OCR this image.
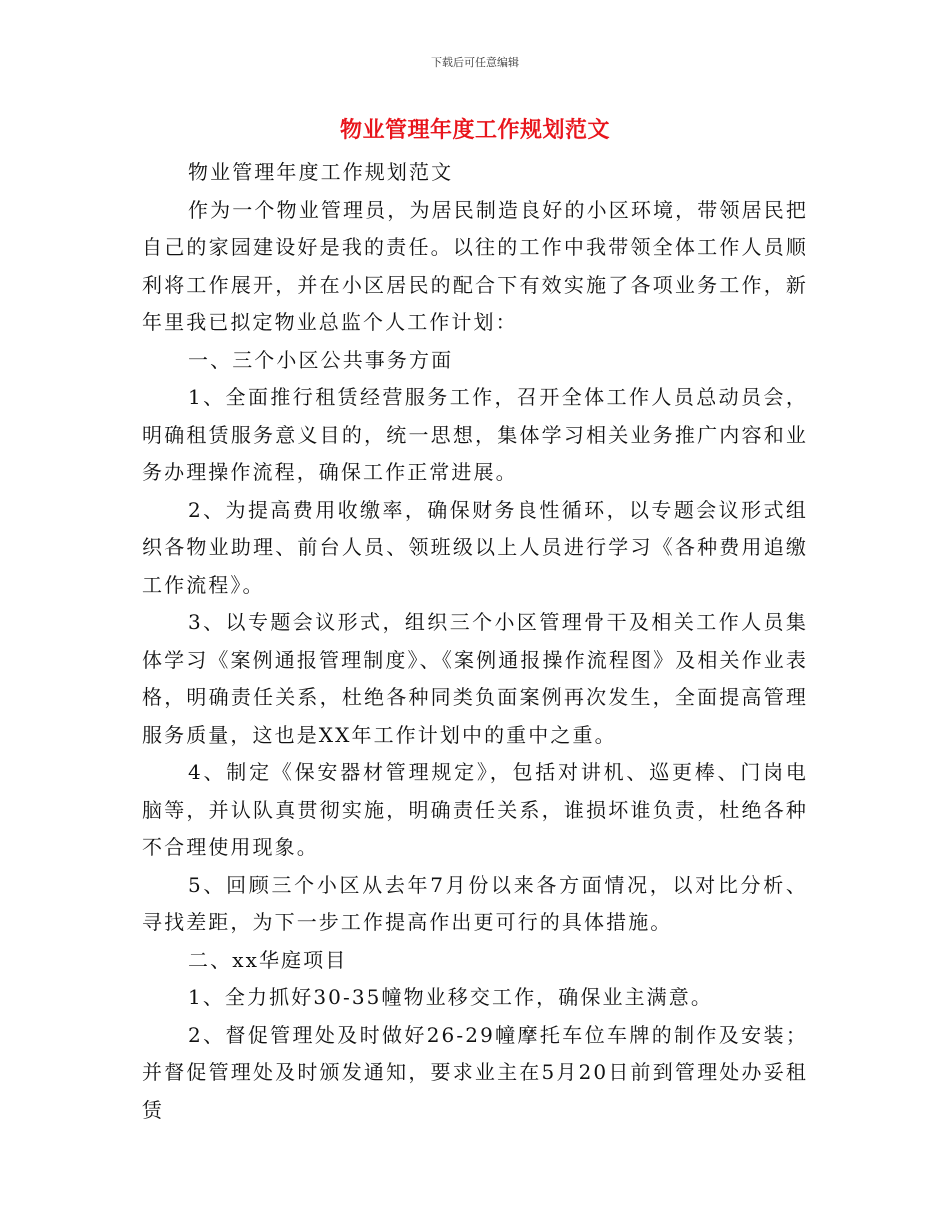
下载后可任意编辑
物业管理年度工作规划范文

物业管理年度工作规划范文

作为一个物业管理员，为居民制造良好的小区环境，带领居民把自己的家园建设好是我的责任。以往的工作中我带领全体工作人员顺利将工作展开，并在小区居民的配合下有效实施了各项业务工作，新年里我已拟定物业总监个人工作计划：

一、三个小区公共事务方面

1、全面推行租赁经营服务工作，召开全体工作人员总动员会，明确租赁服务意义目的，统一思想，集体学习相关业务推广内容和业务办理操作流程，确保工作正常进展。

2、为提高费用收缴率，确保财务良性循环，以专题会议形式组织各物业助理、前台人员、领班级以上人员进行学习《各种费用追缴工作流程》。

3、以专题会议形式，组织三个小区管理骨干及相关工作人员集体学习《案例通报管理制度》、《案例通报操作流程图》及相关作业表格，明确责任关系，杜绝各种同类负面案例再次发生，全面提高管理服务质量，这也是XX年工作计划中的重中之重。

4、制定《保安器材管理规定》，包括对讲机、巡更棒、门岗电脑等，并认队真贯彻实施，明确责任关系，谁损坏谁负责，杜绝各种不合理使用现象。

5、回顾三个小区从去年7月份以来各方面情况，以对比分析、寻找差距，为下一步工作提高作出更可行的具体措施。

二、xx华庭项目

1、全力抓好30-35幢物业移交工作，确保业主满意。

2、督促管理处及时做好26-29幢摩托车位车牌的制作及安装；并督促管理处及时颁发通知，要求业主在5月20日前到管理处办妥租赁
